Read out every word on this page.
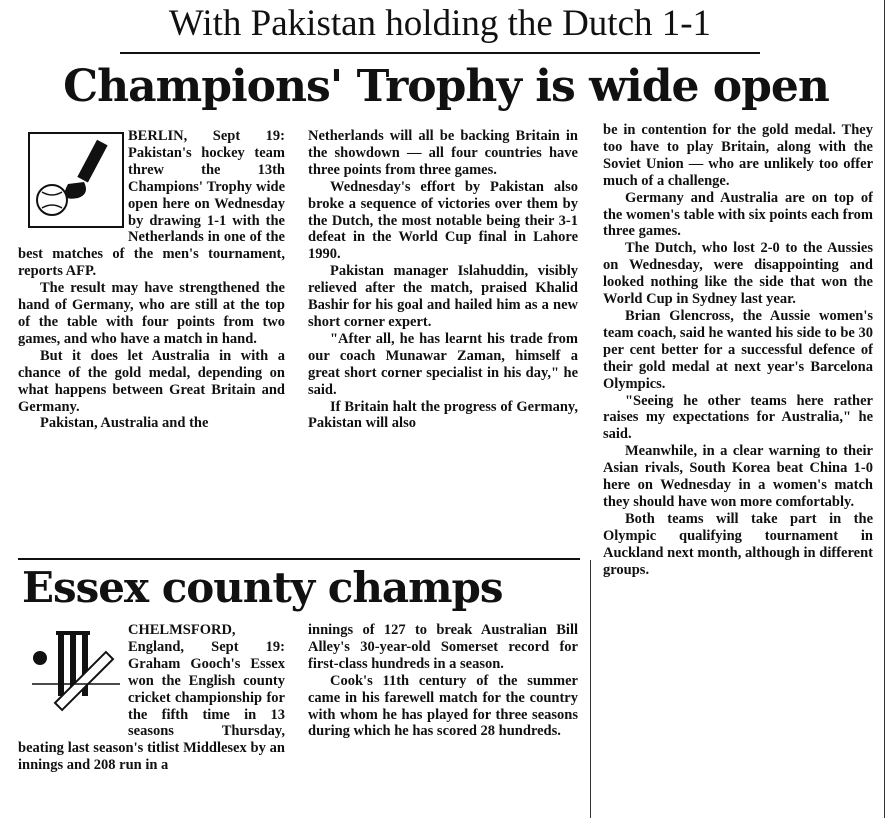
With Pakistan holding the Dutch 1-1
Champions' Trophy is wide open

BERLIN, Sept 19: Pakistan's hockey team threw the 13th Champions' Trophy wide open here on Wednesday by drawing 1-1 with the Netherlands in one of the best matches of the men's tournament, reports AFP.

The result may have strengthened the hand of Germany, who are still at the top of the table with four points from two games, and who have a match in hand.

But it does let Australia in with a chance of the gold medal, depending on what happens between Great Britain and Germany.

Pakistan, Australia and the

Netherlands will all be backing Britain in the showdown — all four countries have three points from three games.

Wednesday's effort by Pakistan also broke a sequence of victories over them by the Dutch, the most notable being their 3-1 defeat in the World Cup final in Lahore 1990.

Pakistan manager Islahuddin, visibly relieved after the match, praised Khalid Bashir for his goal and hailed him as a new short corner expert.

"After all, he has learnt his trade from our coach Munawar Zaman, himself a great short corner specialist in his day," he said.

If Britain halt the progress of Germany, Pakistan will also

be in contention for the gold medal. They too have to play Britain, along with the Soviet Union — who are unlikely too offer much of a challenge.

Germany and Australia are on top of the women's table with six points each from three games.

The Dutch, who lost 2-0 to the Aussies on Wednesday, were disappointing and looked nothing like the side that won the World Cup in Sydney last year.

Brian Glencross, the Aussie women's team coach, said he wanted his side to be 30 per cent better for a successful defence of their gold medal at next year's Barcelona Olympics.

"Seeing he other teams here rather raises my expectations for Australia," he said.

Meanwhile, in a clear warning to their Asian rivals, South Korea beat China 1-0 here on Wednesday in a women's match they should have won more comfortably.

Both teams will take part in the Olympic qualifying tournament in Auckland next month, although in different groups.

Essex county champs

CHELMSFORD, England, Sept 19: Graham Gooch's Essex won the English county cricket championship for the fifth time in 13 seasons Thursday, beating last season's titlist Middlesex by an innings and 208 run in a

innings of 127 to break Australian Bill Alley's 30-year-old Somerset record for first-class hundreds in a season.

Cook's 11th century of the summer came in his farewell match for the country with whom he has played for three seasons during which he has scored 28 hundreds.
